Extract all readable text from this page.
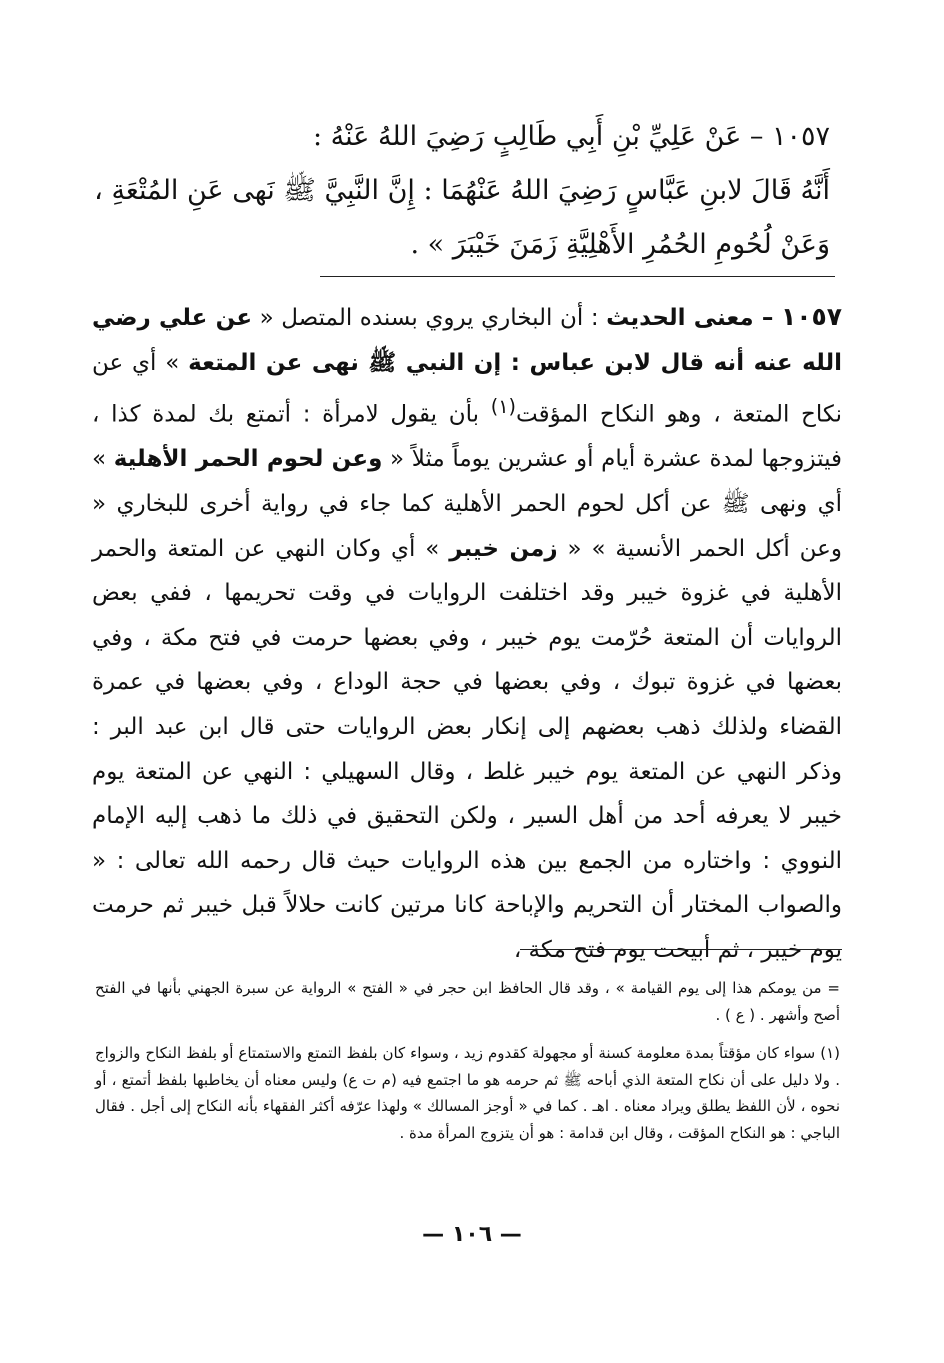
١٠٥٧ – عَنْ عَلِيِّ بْنِ أَبِي طَالِبٍ رَضِيَ اللهُ عَنْهُ :
أَنَّهُ قَالَ لابنِ عَبَّاسٍ رَضِيَ اللهُ عَنْهُمَا : إِنَّ النَّبِيَّ ﷺ نَهى عَنِ المُتْعَةِ ،
وَعَنْ لُحُومِ الحُمُرِ الأَهْلِيَّةِ زَمَنَ خَيْبَرَ » .
١٠٥٧ – معنى الحديث : أن البخاري يروي بسنده المتصل « عن علي رضي الله عنه أنه قال لابن عباس : إن النبي ﷺ نهى عن المتعة » أي عن نكاح المتعة ، وهو النكاح المؤقت$^{(١)}$ بأن يقول لامرأة : أتمتع بك لمدة كذا ، فيتزوجها لمدة عشرة أيام أو عشرين يوماً مثلاً « وعن لحوم الحمر الأهلية » أي ونهى ﷺ عن أكل لحوم الحمر الأهلية كما جاء في رواية أخرى للبخاري « وعن أكل الحمر الأنسية » « زمن خيبر » أي وكان النهي عن المتعة والحمر الأهلية في غزوة خيبر وقد اختلفت الروايات في وقت تحريمها ، ففي بعض الروايات أن المتعة حُرّمت يوم خيبر ، وفي بعضها حرمت في فتح مكة ، وفي بعضها في غزوة تبوك ، وفي بعضها في حجة الوداع ، وفي بعضها في عمرة القضاء ولذلك ذهب بعضهم إلى إنكار بعض الروايات حتى قال ابن عبد البر : وذكر النهي عن المتعة يوم خيبر غلط ، وقال السهيلي : النهي عن المتعة يوم خيبر لا يعرفه أحد من أهل السير ، ولكن التحقيق في ذلك ما ذهب إليه الإمام النووي : واختاره من الجمع بين هذه الروايات حيث قال رحمه الله تعالى : « والصواب المختار أن التحريم والإباحة كانا مرتين كانت حلالاً قبل خيبر ثم حرمت يوم خيبر ، ثم أبيحت يوم فتح مكة ،

= من يومكم هذا إلى يوم القيامة » ، وقد قال الحافظ ابن حجر في « الفتح » الرواية عن سبرة الجهني بأنها في الفتح أصح وأشهر . ( ع ) .

(١) سواء كان مؤقتاً بمدة معلومة كسنة أو مجهولة كقدوم زيد ، وسواء كان بلفظ التمتع والاستمتاع أو بلفظ النكاح والزواج . ولا دليل على أن نكاح المتعة الذي أباحه ﷺ ثم حرمه هو ما اجتمع فيه (م ت ع) وليس معناه أن يخاطبها بلفظ أتمتع ، أو نحوه ، لأن اللفظ يطلق ويراد معناه . اهـ . كما في « أوجز المسالك » ولهذا عرّفه أكثر الفقهاء بأنه النكاح إلى أجل . فقال الباجي : هو النكاح المؤقت ، وقال ابن قدامة : هو أن يتزوج المرأة مدة .

— ١٠٦ —
